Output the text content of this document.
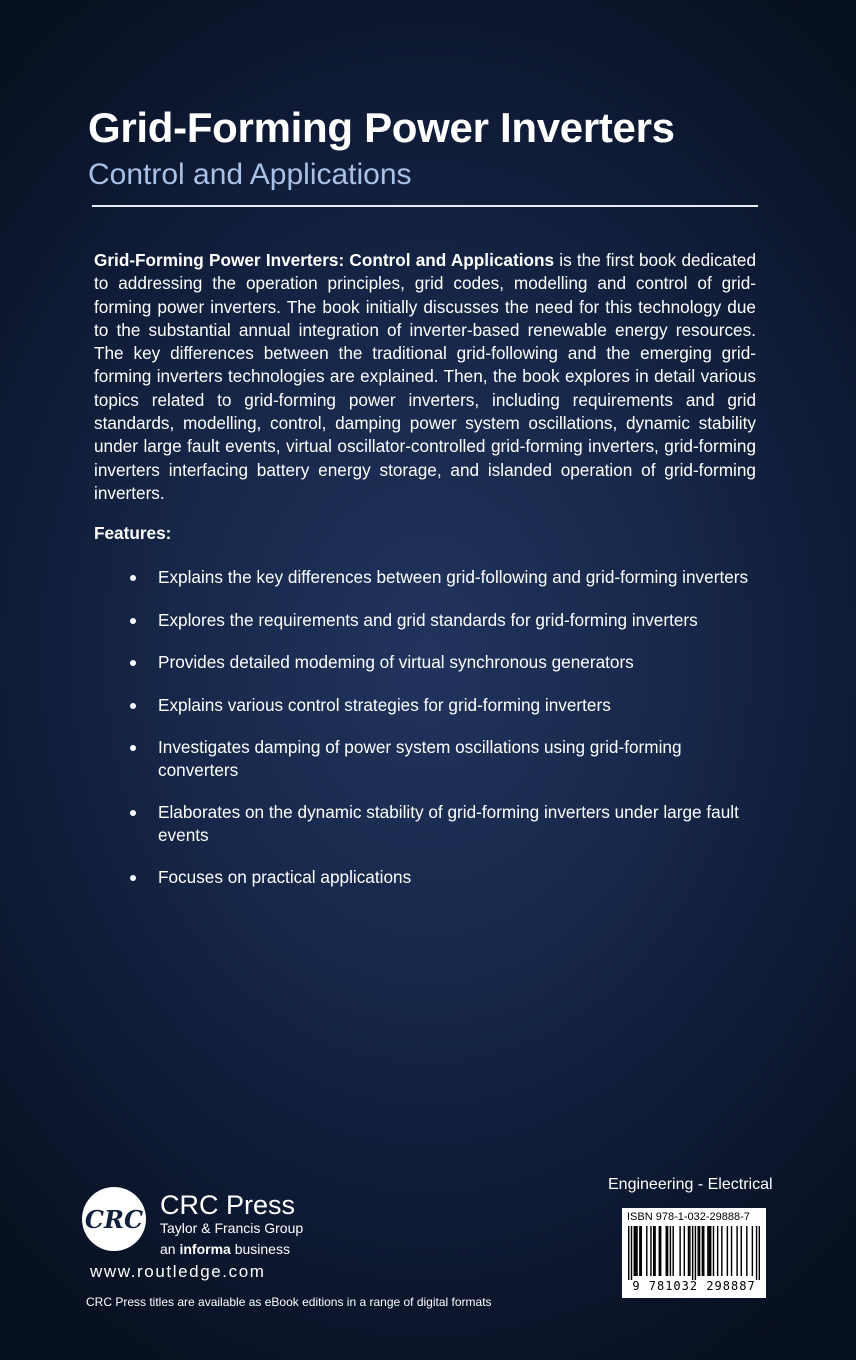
Grid-Forming Power Inverters
Control and Applications

Grid-Forming Power Inverters: Control and Applications is the first book dedicated to addressing the operation principles, grid codes, modelling and control of grid-forming power inverters. The book initially discusses the need for this technology due to the substantial annual integration of inverter-based renewable energy resources. The key differences between the traditional grid-following and the emerging grid-forming inverters technologies are explained. Then, the book explores in detail various topics related to grid-forming power inverters, including requirements and grid standards, modelling, control, damping power system oscillations, dynamic stability under large fault events, virtual oscillator-controlled grid-forming inverters, grid-forming inverters interfacing battery energy storage, and islanded operation of grid-forming inverters.

Features:
Explains the key differences between grid-following and grid-forming inverters
Explores the requirements and grid standards for grid-forming inverters
Provides detailed modeming of virtual synchronous generators
Explains various control strategies for grid-forming inverters
Investigates damping of power system oscillations using grid-forming converters
Elaborates on the dynamic stability of grid-forming inverters under large fault events
Focuses on practical applications
CRC CRC Press

Taylor & Francis Group

an informa business

www.routledge.com

CRC Press titles are available as eBook editions in a range of digital formats

Engineering - Electrical

ISBN 978-1-032-29888-7
9 781032 298887
